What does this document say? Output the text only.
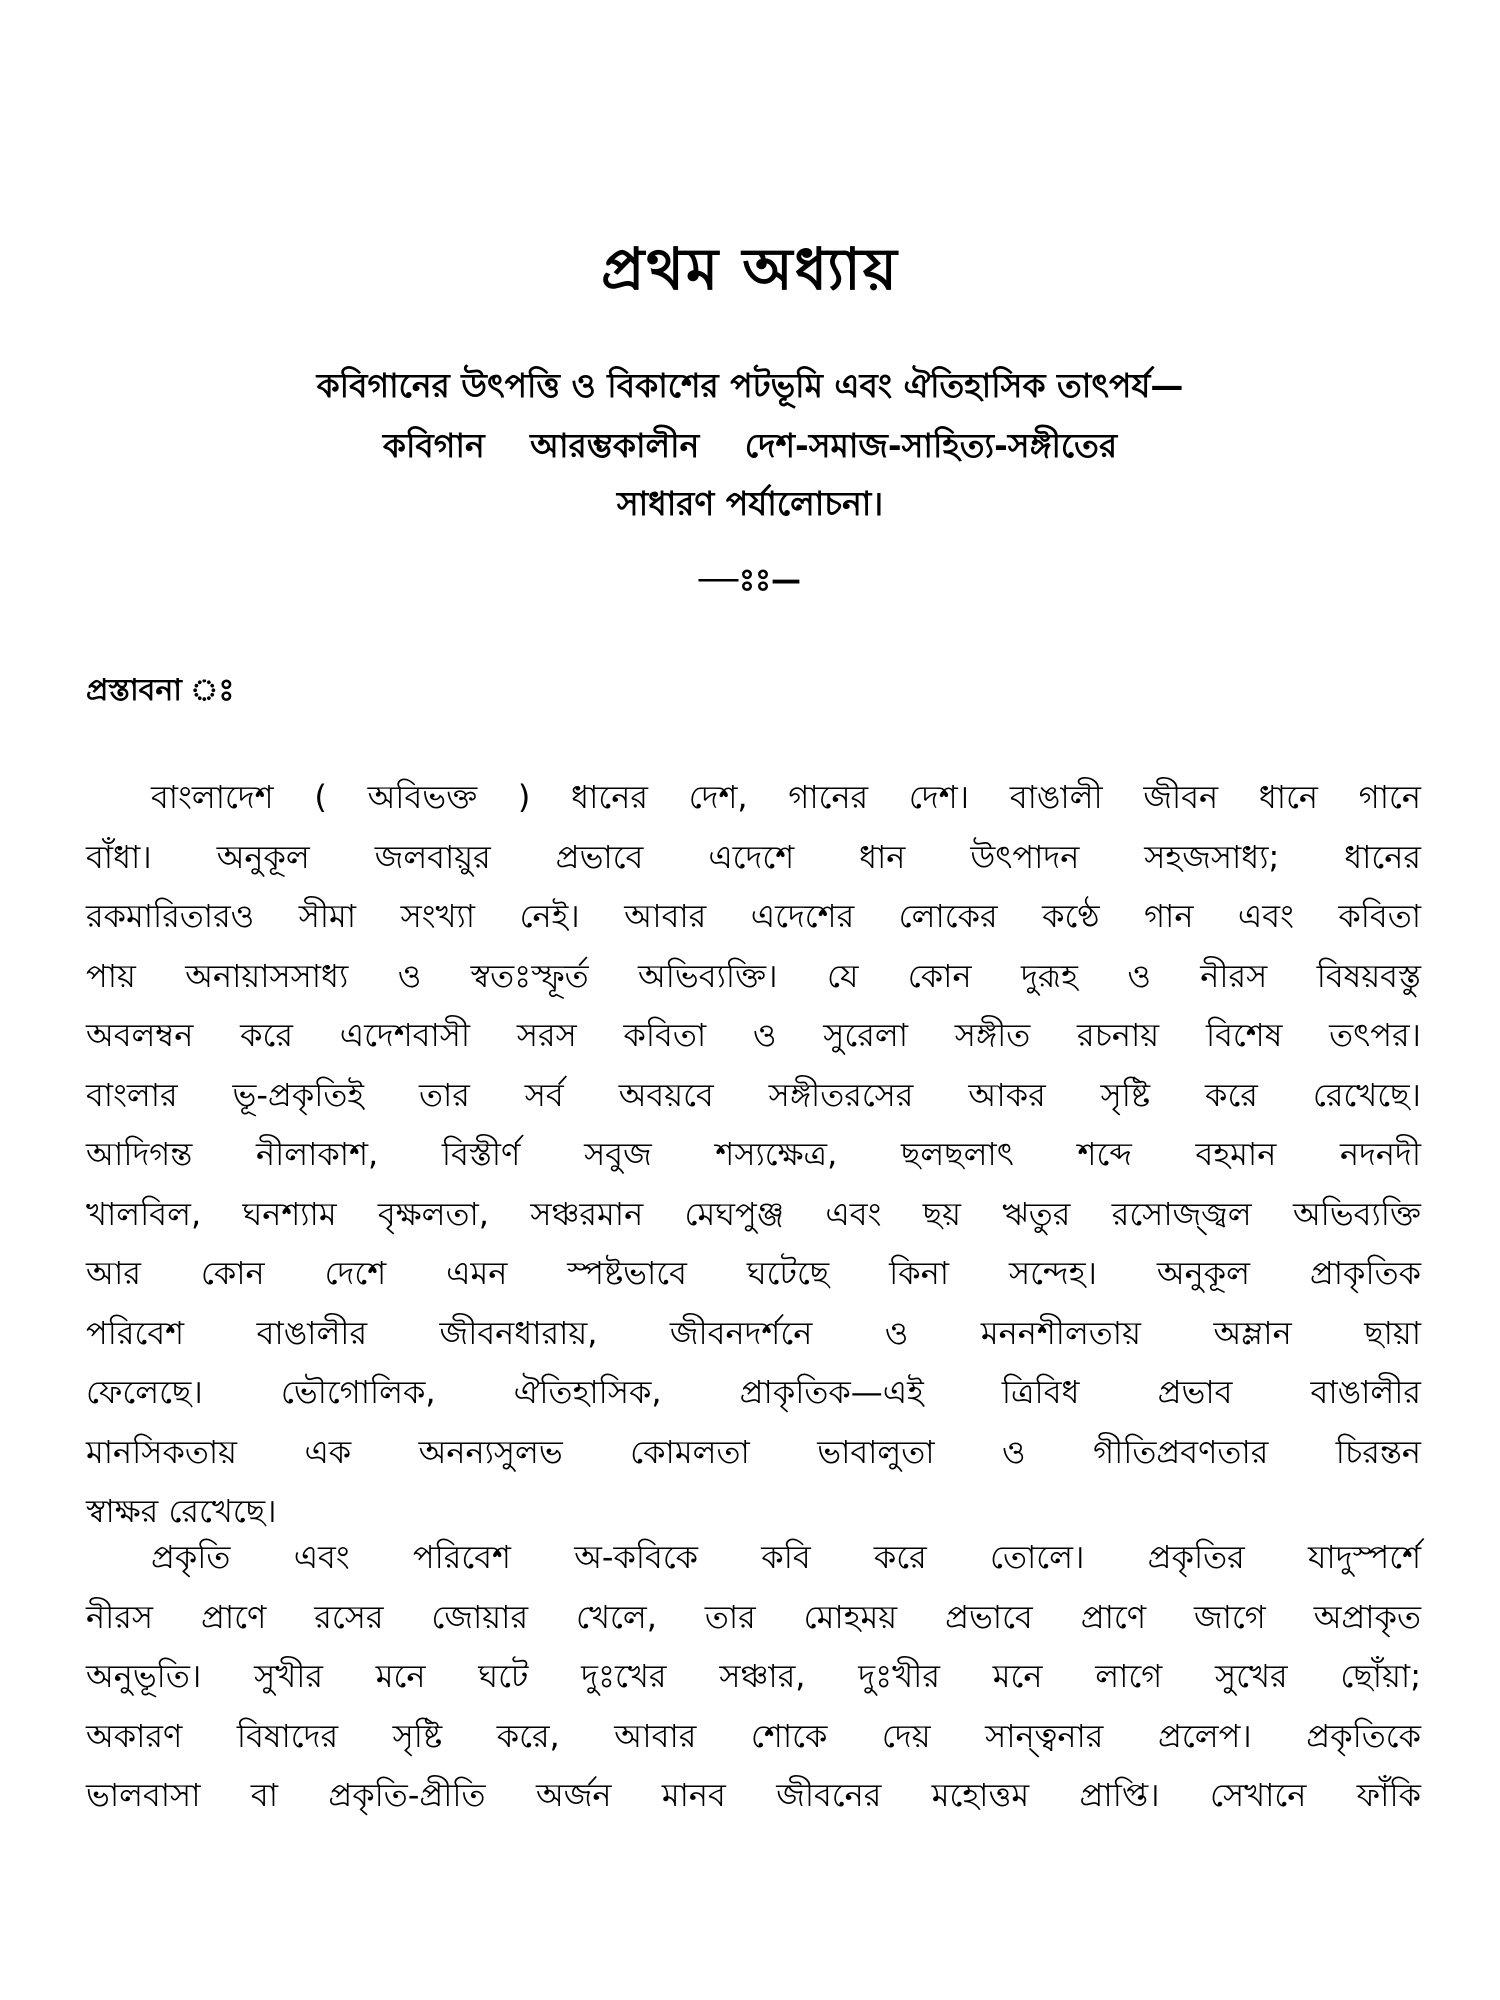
প্রথম অধ্যায়
কবিগানের উৎপত্তি ও বিকাশের পটভূমি এবং ঐতিহাসিক তাৎপর্য—
কবিগান আরম্ভকালীন দেশ-সমাজ-সাহিত্য-সঙ্গীতের
সাধারণ পর্যালোচনা।
—ঃঃ—
প্রস্তাবনা ঃ
বাংলাদেশ ( অবিভক্ত ) ধানের দেশ, গানের দেশ। বাঙালী জীবন ধানে গানে
বাঁধা। অনুকূল জলবায়ুর প্রভাবে এদেশে ধান উৎপাদন সহজসাধ্য; ধানের
রকমারিতারও সীমা সংখ্যা নেই। আবার এদেশের লোকের কণ্ঠে গান এবং কবিতা
পায় অনায়াসসাধ্য ও স্বতঃস্ফূর্ত অভিব্যক্তি। যে কোন দুরূহ ও নীরস বিষয়বস্তু
অবলম্বন করে এদেশবাসী সরস কবিতা ও সুরেলা সঙ্গীত রচনায় বিশেষ তৎপর।
বাংলার ভূ-প্রকৃতিই তার সর্ব অবয়বে সঙ্গীতরসের আকর সৃষ্টি করে রেখেছে।
আদিগন্ত নীলাকাশ, বিস্তীর্ণ সবুজ শস্যক্ষেত্র, ছলছলাৎ শব্দে বহমান নদনদী
খালবিল, ঘনশ্যাম বৃক্ষলতা, সঞ্চরমান মেঘপুঞ্জ এবং ছয় ঋতুর রসোজ্জ্বল অভিব্যক্তি
আর কোন দেশে এমন স্পষ্টভাবে ঘটেছে কিনা সন্দেহ। অনুকূল প্রাকৃতিক
পরিবেশ বাঙালীর জীবনধারায়, জীবনদর্শনে ও মননশীলতায় অম্লান ছায়া
ফেলেছে। ভৌগোলিক, ঐতিহাসিক, প্রাকৃতিক—এই ত্রিবিধ প্রভাব বাঙালীর
মানসিকতায় এক অনন্যসুলভ কোমলতা ভাবালুতা ও গীতিপ্রবণতার চিরন্তন
স্বাক্ষর রেখেছে।
প্রকৃতি এবং পরিবেশ অ-কবিকে কবি করে তোলে। প্রকৃতির যাদুস্পর্শে
নীরস প্রাণে রসের জোয়ার খেলে, তার মোহময় প্রভাবে প্রাণে জাগে অপ্রাকৃত
অনুভূতি। সুখীর মনে ঘটে দুঃখের সঞ্চার, দুঃখীর মনে লাগে সুখের ছোঁয়া;
অকারণ বিষাদের সৃষ্টি করে, আবার শোকে দেয় সান্ত্বনার প্রলেপ। প্রকৃতিকে
ভালবাসা বা প্রকৃতি-প্রীতি অর্জন মানব জীবনের মহোত্তম প্রাপ্তি। সেখানে ফাঁকি
